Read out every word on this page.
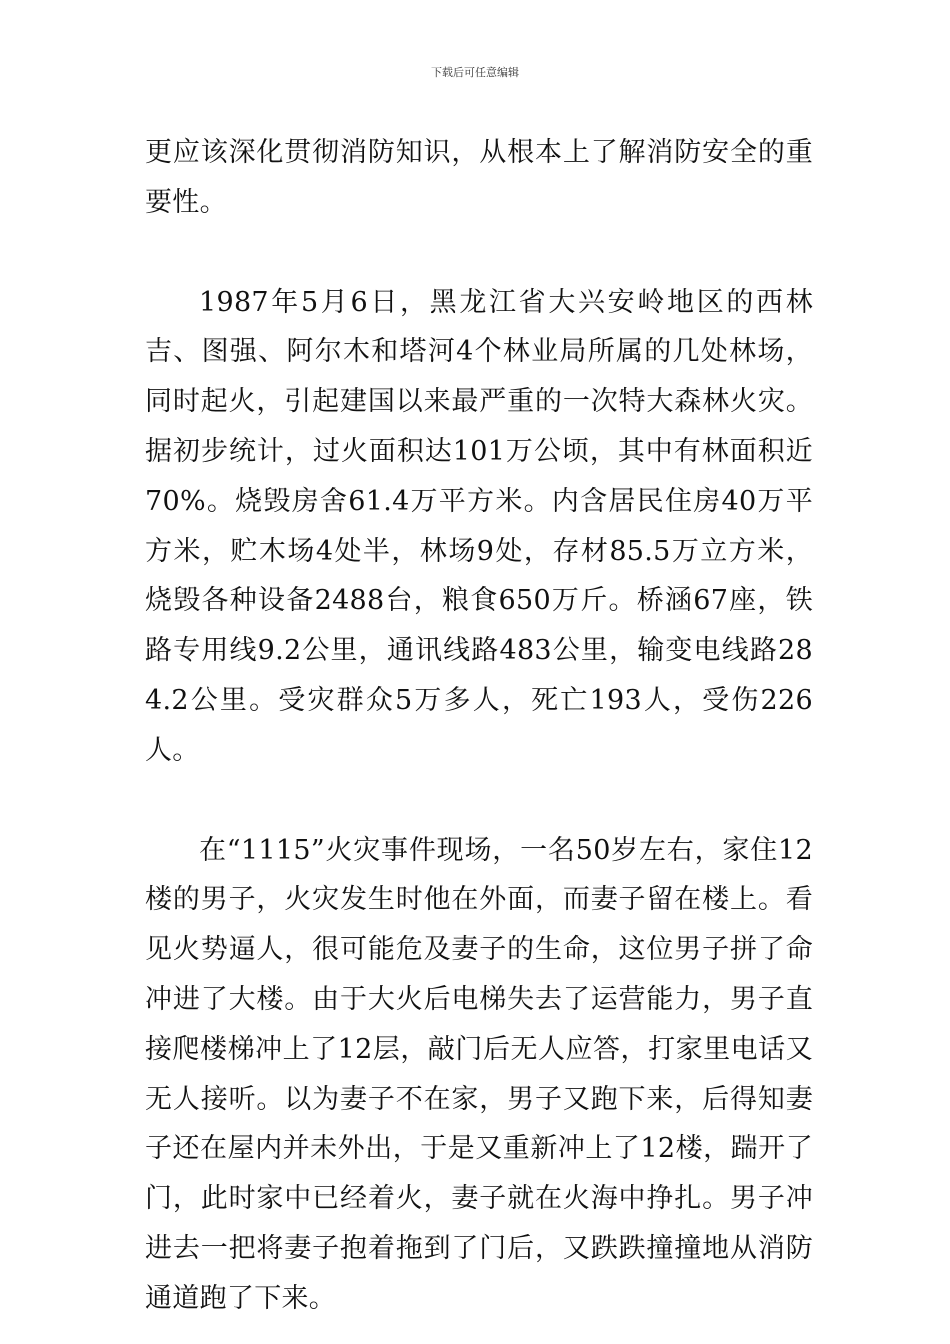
下载后可任意编辑

更应该深化贯彻消防知识，从根本上了解消防安全的重要性。

1987年5月6日，黑龙江省大兴安岭地区的西林吉、图强、阿尔木和塔河4个林业局所属的几处林场，同时起火，引起建国以来最严重的一次特大森林火灾。据初步统计，过火面积达101万公顷，其中有林面积近70%。烧毁房舍61.4万平方米。内含居民住房40万平方米，贮木场4处半，林场9处，存材85.5万立方米，烧毁各种设备2488台，粮食650万斤。桥涵67座，铁路专用线9.2公里，通讯线路483公里，输变电线路284.2公里。受灾群众5万多人，死亡193人，受伤226人。

在“1115”火灾事件现场，一名50岁左右，家住12楼的男子，火灾发生时他在外面，而妻子留在楼上。看见火势逼人，很可能危及妻子的生命，这位男子拼了命冲进了大楼。由于大火后电梯失去了运营能力，男子直接爬楼梯冲上了12层，敲门后无人应答，打家里电话又无人接听。以为妻子不在家，男子又跑下来，后得知妻子还在屋内并未外出，于是又重新冲上了12楼，踹开了门，此时家中已经着火，妻子就在火海中挣扎。男子冲进去一把将妻子抱着拖到了门后，又跌跌撞撞地从消防通道跑了下来。
